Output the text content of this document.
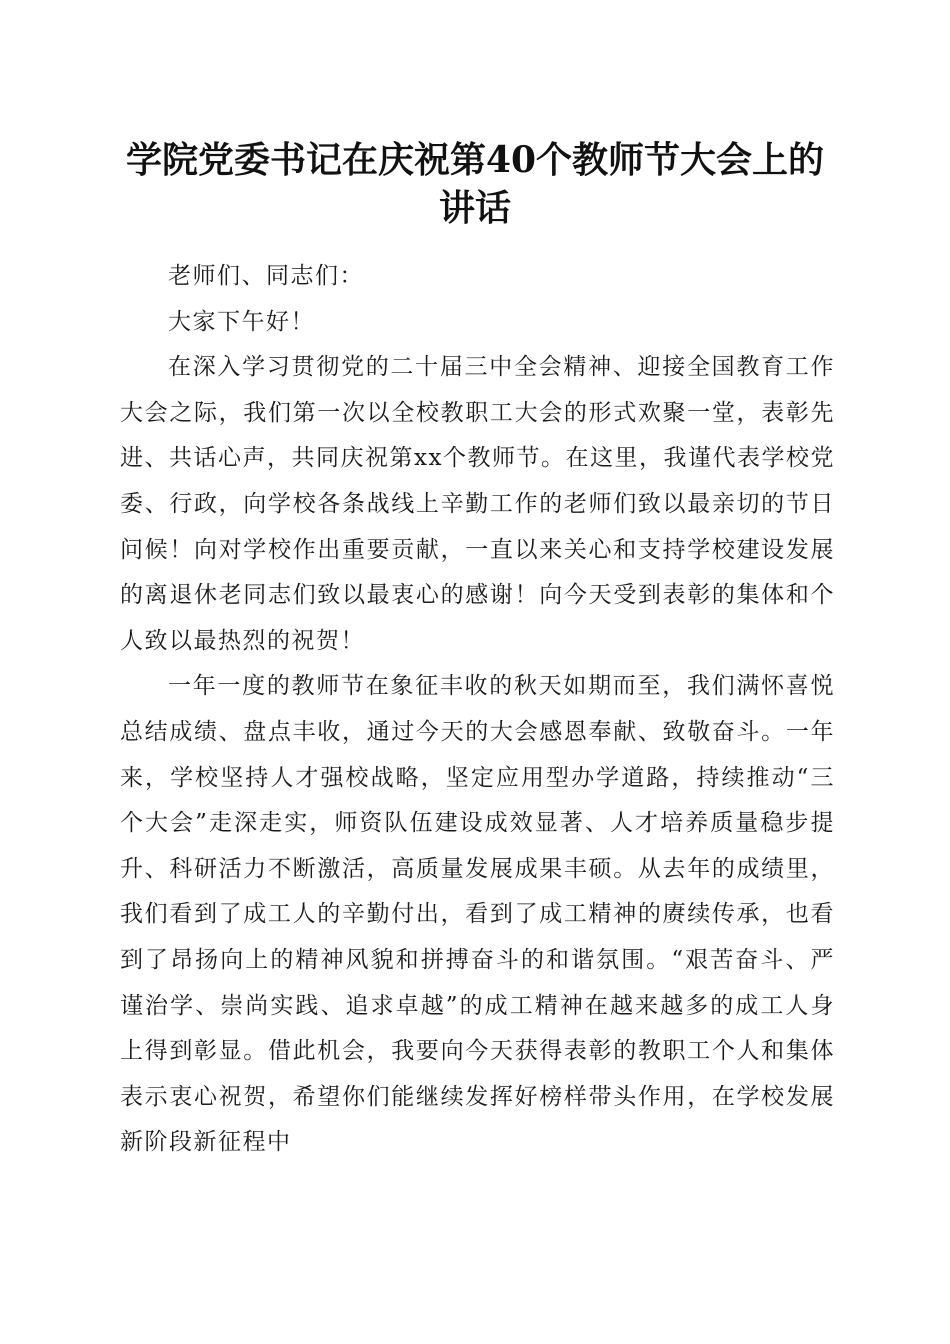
学院党委书记在庆祝第40个教师节大会上的
讲话

老师们、同志们：

大家下午好！

在深入学习贯彻党的二十届三中全会精神、迎接全国教育工作大会之际，我们第一次以全校教职工大会的形式欢聚一堂，表彰先进、共话心声，共同庆祝第xx个教师节。在这里，我谨代表学校党委、行政，向学校各条战线上辛勤工作的老师们致以最亲切的节日问候！向对学校作出重要贡献，一直以来关心和支持学校建设发展的离退休老同志们致以最衷心的感谢！向今天受到表彰的集体和个人致以最热烈的祝贺！

一年一度的教师节在象征丰收的秋天如期而至，我们满怀喜悦总结成绩、盘点丰收，通过今天的大会感恩奉献、致敬奋斗。一年来，学校坚持人才强校战略，坚定应用型办学道路，持续推动“三个大会”走深走实，师资队伍建设成效显著、人才培养质量稳步提升、科研活力不断激活，高质量发展成果丰硕。从去年的成绩里，我们看到了成工人的辛勤付出，看到了成工精神的赓续传承，也看到了昂扬向上的精神风貌和拼搏奋斗的和谐氛围。“艰苦奋斗、严谨治学、崇尚实践、追求卓越”的成工精神在越来越多的成工人身上得到彰显。借此机会，我要向今天获得表彰的教职工个人和集体表示衷心祝贺，希望你们能继续发挥好榜样带头作用，在学校发展新阶段新征程中
